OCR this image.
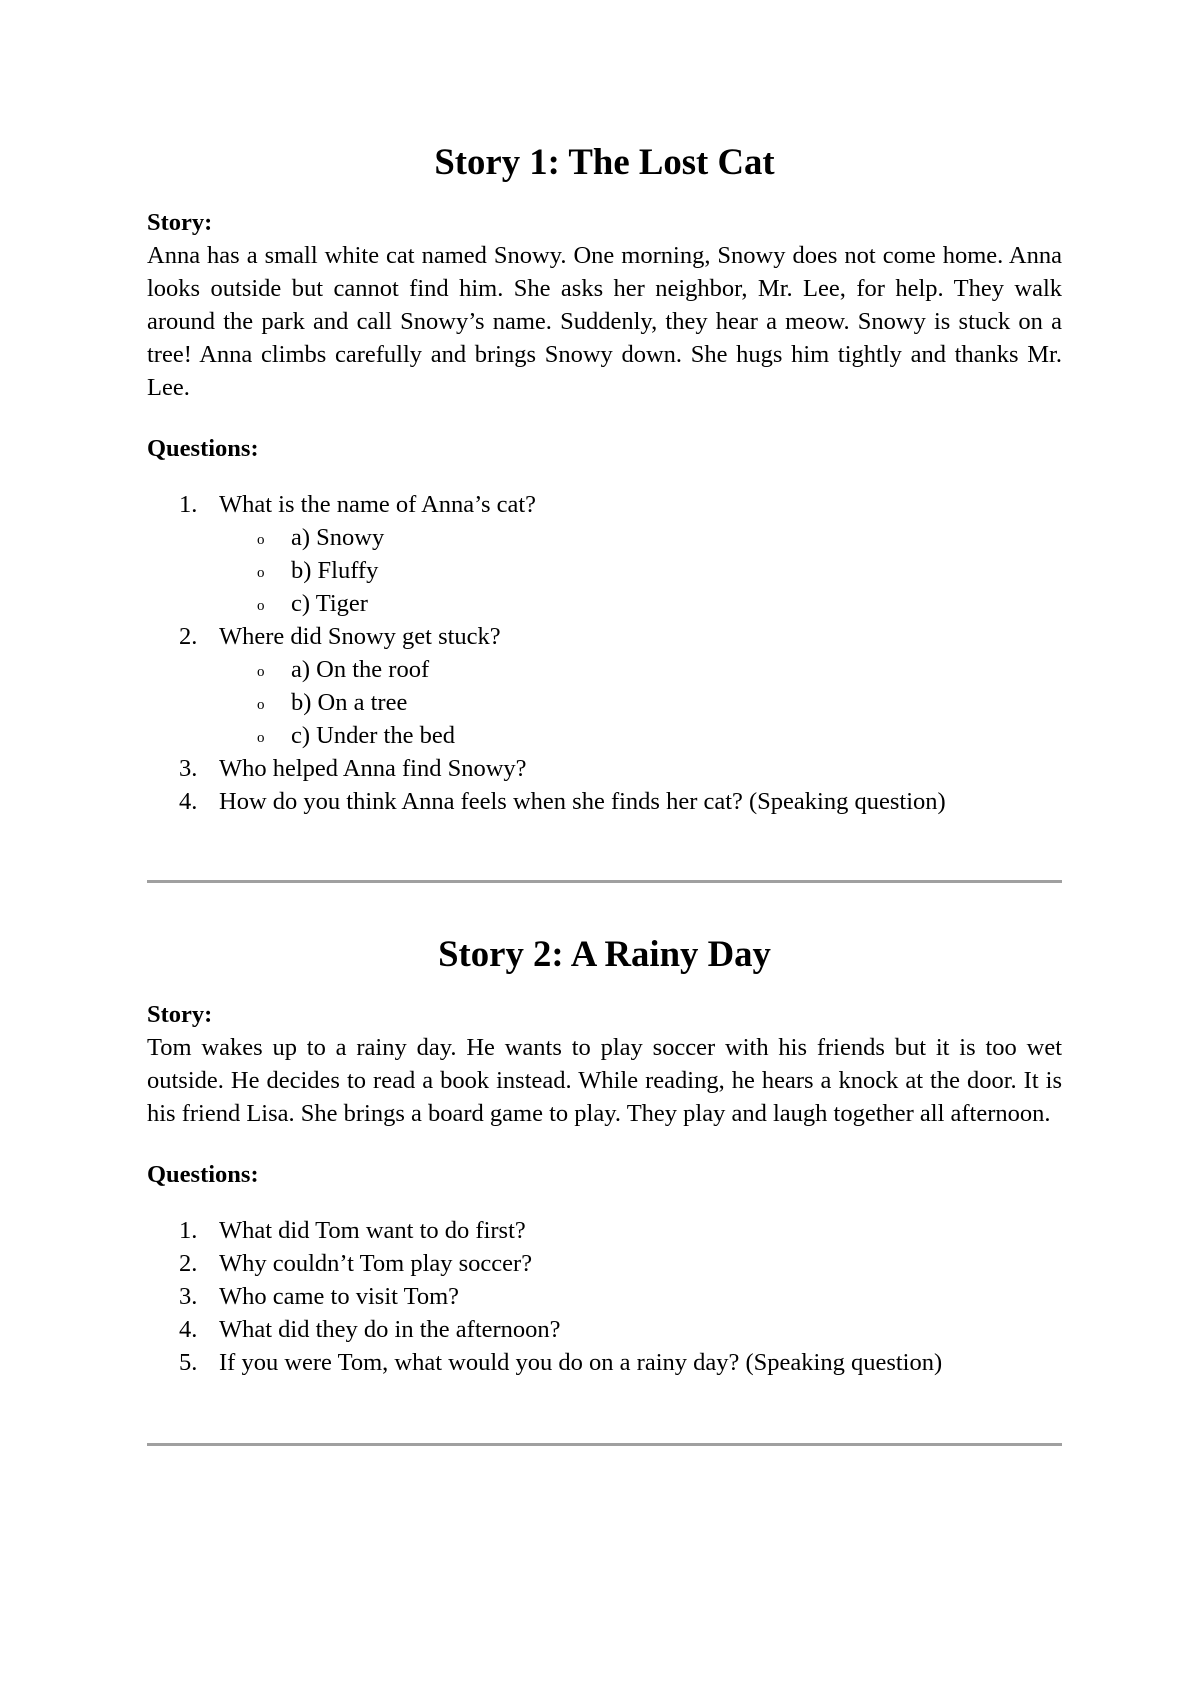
Story 1: The Lost Cat

Story:

Anna has a small white cat named Snowy. One morning, Snowy does not come home. Anna looks outside but cannot find him. She asks her neighbor, Mr. Lee, for help. They walk around the park and call Snowy’s name. Suddenly, they hear a meow. Snowy is stuck on a tree! Anna climbs carefully and brings Snowy down. She hugs him tightly and thanks Mr. Lee.

Questions:

1. What is the name of Anna’s cat?
o a) Snowy
o b) Fluffy
o c) Tiger
2. Where did Snowy get stuck?
o a) On the roof
o b) On a tree
o c) Under the bed
3. Who helped Anna find Snowy?
4. How do you think Anna feels when she finds her cat? (Speaking question)
Story 2: A Rainy Day

Story:

Tom wakes up to a rainy day. He wants to play soccer with his friends but it is too wet outside. He decides to read a book instead. While reading, he hears a knock at the door. It is his friend Lisa. She brings a board game to play. They play and laugh together all afternoon.

Questions:

1. What did Tom want to do first?
2. Why couldn’t Tom play soccer?
3. Who came to visit Tom?
4. What did they do in the afternoon?
5. If you were Tom, what would you do on a rainy day? (Speaking question)
